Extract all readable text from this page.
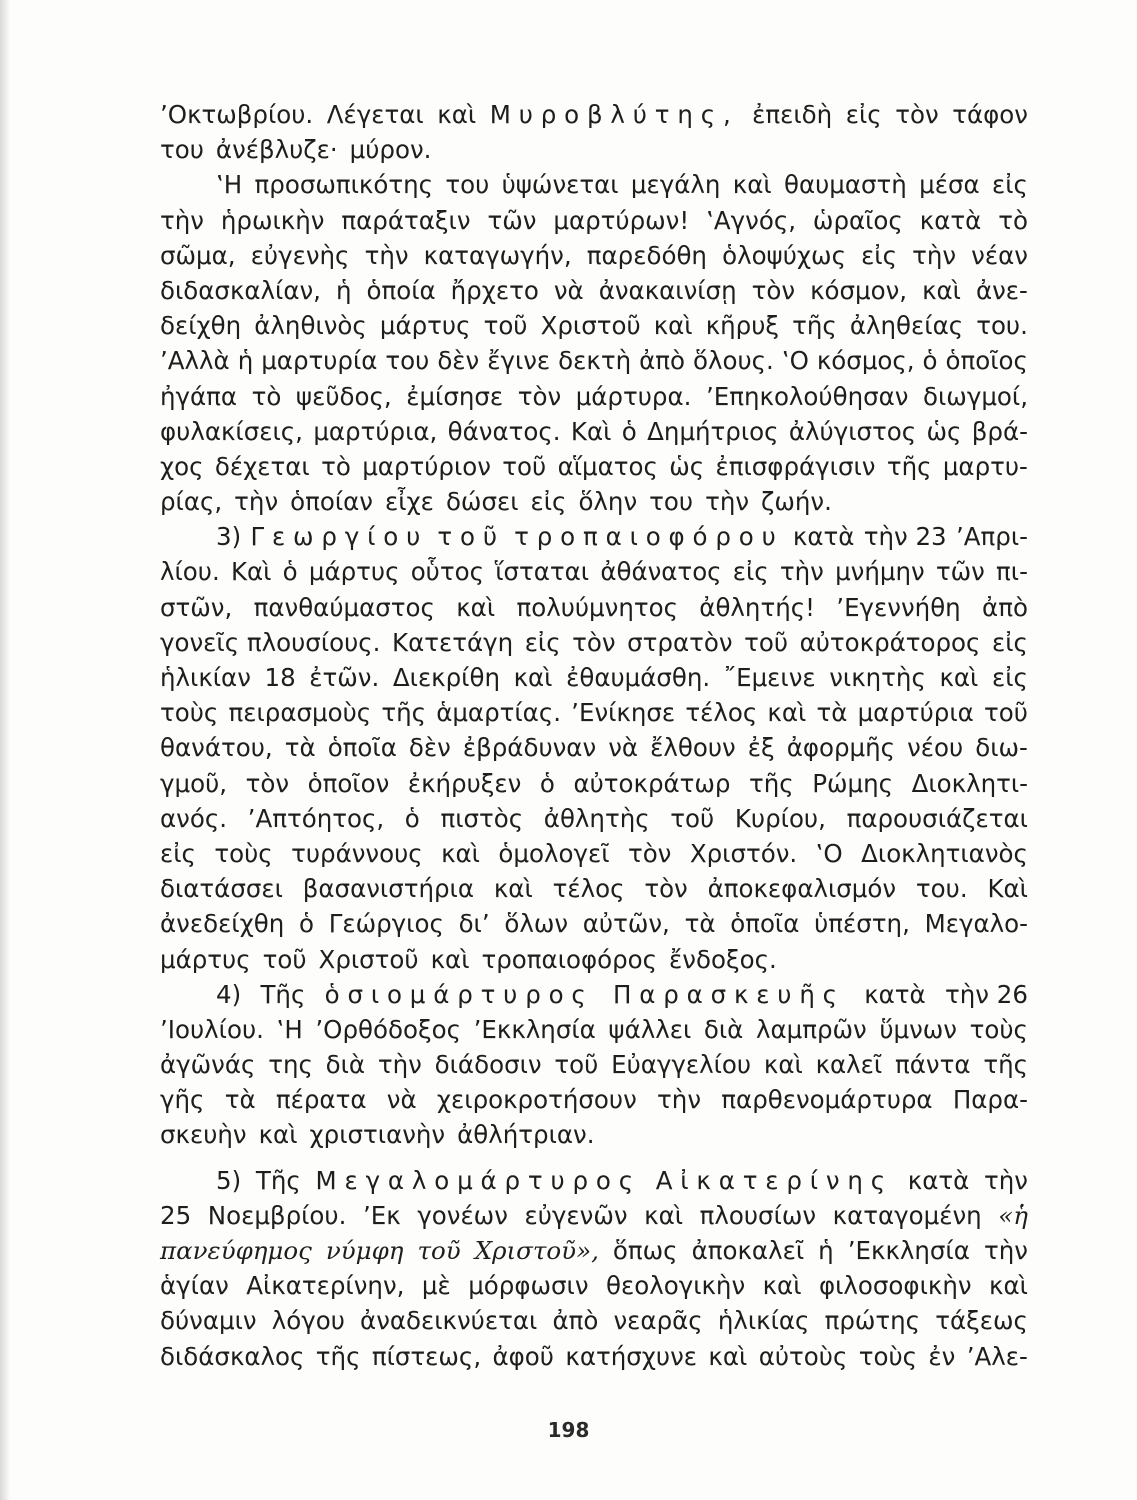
’Οκτωβρίου. Λέγεται καὶ Μυροβλύτης, ἐπειδὴ εἰς τὸν τάφον
του ἀνέβλυζε· μύρον.
‛Η προσωπικότης του ὑψώνεται μεγάλη καὶ θαυμαστὴ μέσα εἰς
τὴν ἡρωικὴν παράταξιν τῶν μαρτύρων! ‛Αγνός, ὡραῖος κατὰ τὸ
σῶμα, εὐγενὴς τὴν καταγωγήν, παρεδόθη ὁλοψύχως εἰς τὴν νέαν
διδασκαλίαν, ἡ ὁποία ἤρχετο νὰ ἀνακαινίσῃ τὸν κόσμον, καὶ ἀνε-
δείχθη ἀληθινὸς μάρτυς τοῦ Χριστοῦ καὶ κῆρυξ τῆς ἀληθείας του.
’Αλλὰ ἡ μαρτυρία του δὲν ἔγινε δεκτὴ ἀπὸ ὅλους. ‛Ο κόσμος, ὁ ὁποῖος
ἠγάπα τὸ ψεῦδος, ἐμίσησε τὸν μάρτυρα. ’Επηκολούθησαν διωγμοί,
φυλακίσεις, μαρτύρια, θάνατος. Καὶ ὁ Δημήτριος ἀλύγιστος ὡς βρά-
χος δέχεται τὸ μαρτύριον τοῦ αἵματος ὡς ἐπισφράγισιν τῆς μαρτυ-
ρίας, τὴν ὁποίαν εἶχε δώσει εἰς ὅλην του τὴν ζωήν.
3) Γεωργίου τοῦ τροπαιοφόρου κατὰ τὴν 23 ’Απρι-
λίου. Καὶ ὁ μάρτυς οὗτος ἵσταται ἀθάνατος εἰς τὴν μνήμην τῶν πι-
στῶν, πανθαύμαστος καὶ πολυύμνητος ἀθλητής! ’Εγεννήθη ἀπὸ
γονεῖς πλουσίους. Κατετάγη εἰς τὸν στρατὸν τοῦ αὐτοκράτορος εἰς
ἡλικίαν 18 ἐτῶν. Διεκρίθη καὶ ἐθαυμάσθη. ῎Εμεινε νικητὴς καὶ εἰς
τοὺς πειρασμοὺς τῆς ἁμαρτίας. ’Ενίκησε τέλος καὶ τὰ μαρτύρια τοῦ
θανάτου, τὰ ὁποῖα δὲν ἐβράδυναν νὰ ἔλθουν ἐξ ἀφορμῆς νέου διω-
γμοῦ, τὸν ὁποῖον ἐκήρυξεν ὁ αὐτοκράτωρ τῆς Ρώμης Διοκλητι-
ανός. ’Απτόητος, ὁ πιστὸς ἀθλητὴς τοῦ Κυρίου, παρουσιάζεται
εἰς τοὺς τυράννους καὶ ὁμολογεῖ τὸν Χριστόν. ‛Ο Διοκλητιανὸς
διατάσσει βασανιστήρια καὶ τέλος τὸν ἀποκεφαλισμόν του. Καὶ
ἀνεδείχθη ὁ Γεώργιος δι’ ὅλων αὐτῶν, τὰ ὁποῖα ὑπέστη, Μεγαλο-
μάρτυς τοῦ Χριστοῦ καὶ τροπαιοφόρος ἔνδοξος.
4) Τῆς ὁσιομάρτυρος Παρασκευῆς κατὰ τὴν 26
’Ιουλίου. ‛Η ’Ορθόδοξος ’Εκκλησία ψάλλει διὰ λαμπρῶν ὕμνων τοὺς
ἀγῶνάς της διὰ τὴν διάδοσιν τοῦ Εὐαγγελίου καὶ καλεῖ πάντα τῆς
γῆς τὰ πέρατα νὰ χειροκροτήσουν τὴν παρθενομάρτυρα Παρα-
σκευὴν καὶ χριστιανὴν ἀθλήτριαν.
5) Τῆς Μεγαλομάρτυρος Αἰκατερίνης κατὰ τὴν
25 Νοεμβρίου. ’Εκ γονέων εὐγενῶν καὶ πλουσίων καταγομένη «ἡ
πανεύφημος νύμφη τοῦ Χριστοῦ», ὅπως ἀποκαλεῖ ἡ ’Εκκλησία τὴν
ἁγίαν Αἰκατερίνην, μὲ μόρφωσιν θεολογικὴν καὶ φιλοσοφικὴν καὶ
δύναμιν λόγου ἀναδεικνύεται ἀπὸ νεαρᾶς ἡλικίας πρώτης τάξεως
διδάσκαλος τῆς πίστεως, ἀφοῦ κατήσχυνε καὶ αὐτοὺς τοὺς ἐν ’Αλε-
198
